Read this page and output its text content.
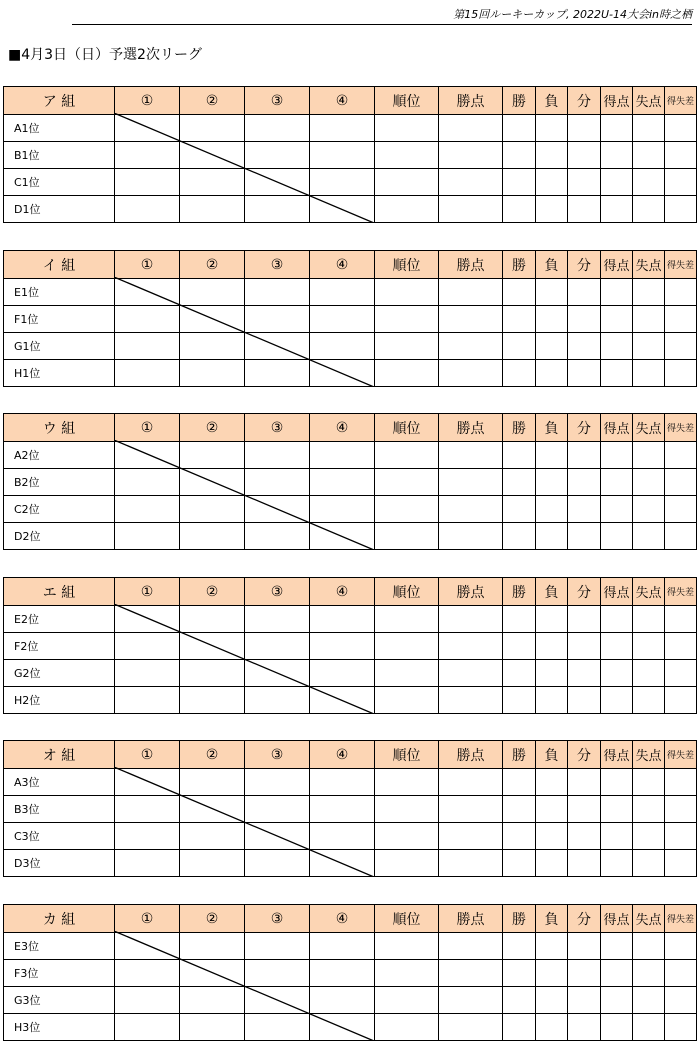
第15回ルーキーカップ, 2022U-14大会in時之栖
■4月3日（日）予選2次リーグ
ア 組	①	②	③	④	順位	勝点	勝	負	分	得点	失点	得失差
A1位												
B1位												
C1位												
D1位												
イ 組	①	②	③	④	順位	勝点	勝	負	分	得点	失点	得失差
E1位												
F1位												
G1位												
H1位												
ウ 組	①	②	③	④	順位	勝点	勝	負	分	得点	失点	得失差
A2位												
B2位												
C2位												
D2位												
エ 組	①	②	③	④	順位	勝点	勝	負	分	得点	失点	得失差
E2位												
F2位												
G2位												
H2位												
オ 組	①	②	③	④	順位	勝点	勝	負	分	得点	失点	得失差
A3位												
B3位												
C3位												
D3位												
カ 組	①	②	③	④	順位	勝点	勝	負	分	得点	失点	得失差
E3位												
F3位												
G3位												
H3位												
